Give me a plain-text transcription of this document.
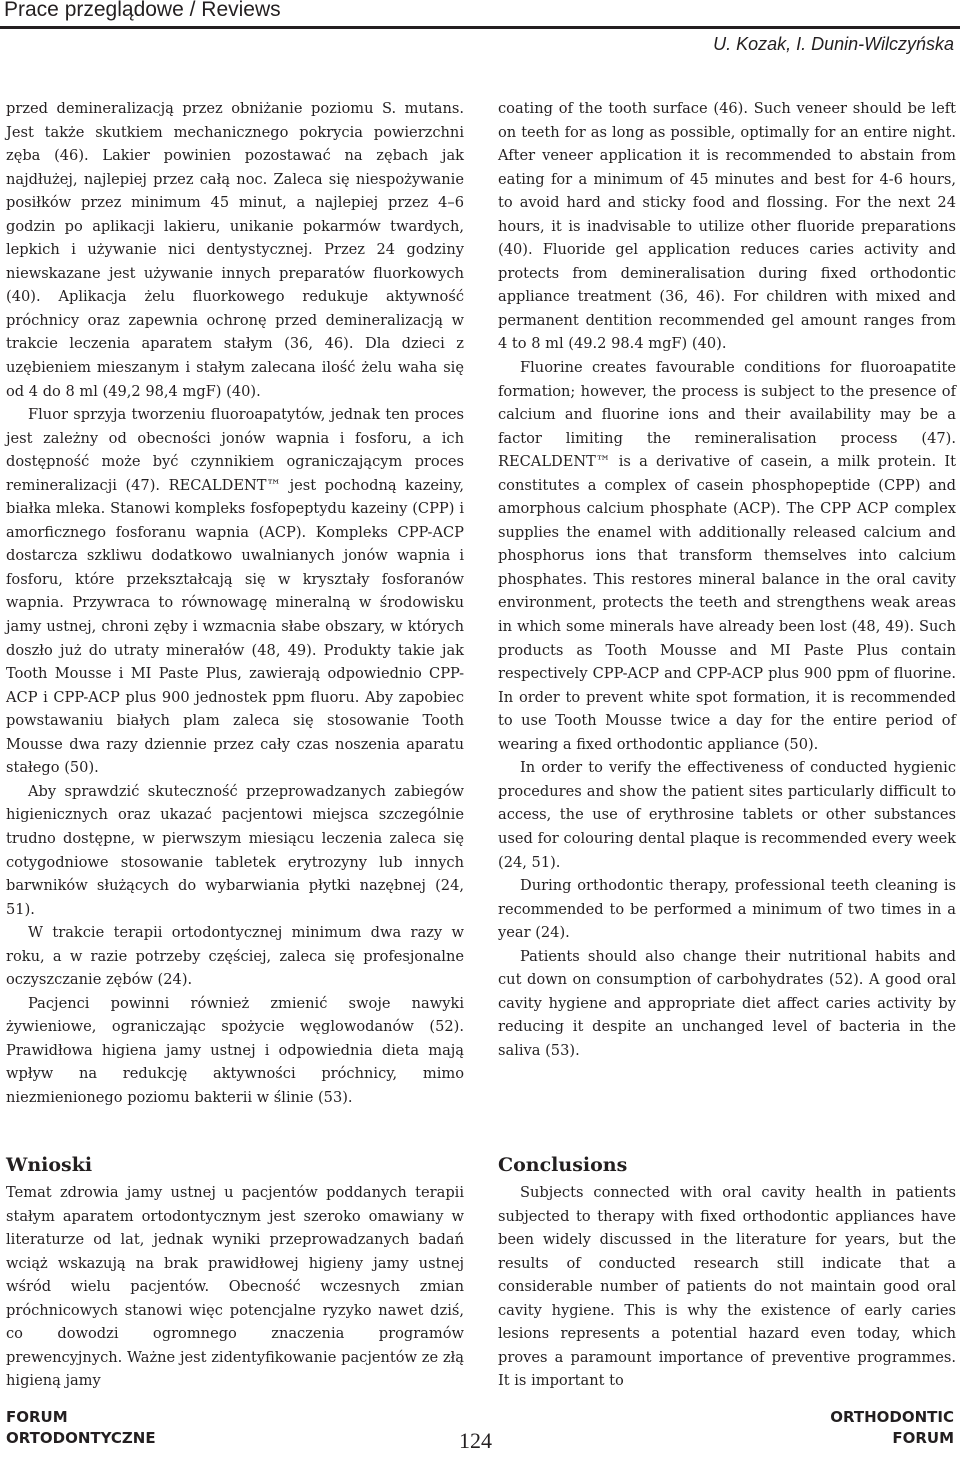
Prace przeglądowe / Reviews
U. Kozak, I. Dunin-Wilczyńska

przed demineralizacją przez obniżanie poziomu S. mutans. Jest także skutkiem mechanicznego pokrycia powierzchni zęba (46). Lakier powinien pozostawać na zębach jak najdłużej, najlepiej przez całą noc. Zaleca się niespożywanie posiłków przez minimum 45 minut, a najlepiej przez 4–6 godzin po aplikacji lakieru, unikanie pokarmów twardych, lepkich i używanie nici dentystycznej. Przez 24 godziny niewskazane jest używanie innych preparatów fluorkowych (40). Aplikacja żelu fluorkowego redukuje aktywność próchnicy oraz zapewnia ochronę przed demineralizacją w trakcie leczenia aparatem stałym (36, 46). Dla dzieci z uzębieniem mieszanym i stałym zalecana ilość żelu waha się od 4 do 8 ml (49,2 98,4 mgF) (40).

Fluor sprzyja tworzeniu fluoroapatytów, jednak ten proces jest zależny od obecności jonów wapnia i fosforu, a ich dostępność może być czynnikiem ograniczającym proces remineralizacji (47). RECALDENT™ jest pochodną kazeiny, białka mleka. Stanowi kompleks fosfopeptydu kazeiny (CPP) i amorficznego fosforanu wapnia (ACP). Kompleks CPP-ACP dostarcza szkliwu dodatkowo uwalnianych jonów wapnia i fosforu, które przekształcają się w kryształy fosforanów wapnia. Przywraca to równowagę mineralną w środowisku jamy ustnej, chroni zęby i wzmacnia słabe obszary, w których doszło już do utraty minerałów (48, 49). Produkty takie jak Tooth Mousse i MI Paste Plus, zawierają odpowiednio CPP-ACP i CPP-ACP plus 900 jednostek ppm fluoru. Aby zapobiec powstawaniu białych plam zaleca się stosowanie Tooth Mousse dwa razy dziennie przez cały czas noszenia aparatu stałego (50).

Aby sprawdzić skuteczność przeprowadzanych zabiegów higienicznych oraz ukazać pacjentowi miejsca szczególnie trudno dostępne, w pierwszym miesiącu leczenia zaleca się cotygodniowe stosowanie tabletek erytrozyny lub innych barwników służących do wybarwiania płytki nazębnej (24, 51).

W trakcie terapii ortodontycznej minimum dwa razy w roku, a w razie potrzeby częściej, zaleca się profesjonalne oczyszczanie zębów (24).

Pacjenci powinni również zmienić swoje nawyki żywieniowe, ograniczając spożycie węglowodanów (52). Prawidłowa higiena jamy ustnej i odpowiednia dieta mają wpływ na redukcję aktywności próchnicy, mimo niezmienionego poziomu bakterii w ślinie (53).

coating of the tooth surface (46). Such veneer should be left on teeth for as long as possible, optimally for an entire night. After veneer application it is recommended to abstain from eating for a minimum of 45 minutes and best for 4-6 hours, to avoid hard and sticky food and flossing. For the next 24 hours, it is inadvisable to utilize other fluoride preparations (40). Fluoride gel application reduces caries activity and protects from demineralisation during fixed orthodontic appliance treatment (36, 46). For children with mixed and permanent dentition recommended gel amount ranges from 4 to 8 ml (49.2 98.4 mgF) (40).

Fluorine creates favourable conditions for fluoroapatite formation; however, the process is subject to the presence of calcium and fluorine ions and their availability may be a factor limiting the remineralisation process (47). RECALDENT™ is a derivative of casein, a milk protein. It constitutes a complex of casein phosphopeptide (CPP) and amorphous calcium phosphate (ACP). The CPP ACP complex supplies the enamel with additionally released calcium and phosphorus ions that transform themselves into calcium phosphates. This restores mineral balance in the oral cavity environment, protects the teeth and strengthens weak areas in which some minerals have already been lost (48, 49). Such products as Tooth Mousse and MI Paste Plus contain respectively CPP-ACP and CPP-ACP plus 900 ppm of fluorine. In order to prevent white spot formation, it is recommended to use Tooth Mousse twice a day for the entire period of wearing a fixed orthodontic appliance (50).

In order to verify the effectiveness of conducted hygienic procedures and show the patient sites particularly difficult to access, the use of erythrosine tablets or other substances used for colouring dental plaque is recommended every week (24, 51).

During orthodontic therapy, professional teeth cleaning is recommended to be performed a minimum of two times in a year (24).

Patients should also change their nutritional habits and cut down on consumption of carbohydrates (52). A good oral cavity hygiene and appropriate diet affect caries activity by reducing it despite an unchanged level of bacteria in the saliva (53).

Wnioski
Temat zdrowia jamy ustnej u pacjentów poddanych terapii stałym aparatem ortodontycznym jest szeroko omawiany w literaturze od lat, jednak wyniki przeprowadzanych badań wciąż wskazują na brak prawidłowej higieny jamy ustnej wśród wielu pacjentów. Obecność wczesnych zmian próchnicowych stanowi więc potencjalne ryzyko nawet dziś, co dowodzi ogromnego znaczenia programów prewencyjnych. Ważne jest zidentyfikowanie pacjentów ze złą higieną jamy
Conclusions
Subjects connected with oral cavity health in patients subjected to therapy with fixed orthodontic appliances have been widely discussed in the literature for years, but the results of conducted research still indicate that a considerable number of patients do not maintain good oral cavity hygiene. This is why the existence of early caries lesions represents a potential hazard even today, which proves a paramount importance of preventive programmes. It is important to
FORUM
ORTODONTYCZNE	124
ORTHODONTIC
FORUM
